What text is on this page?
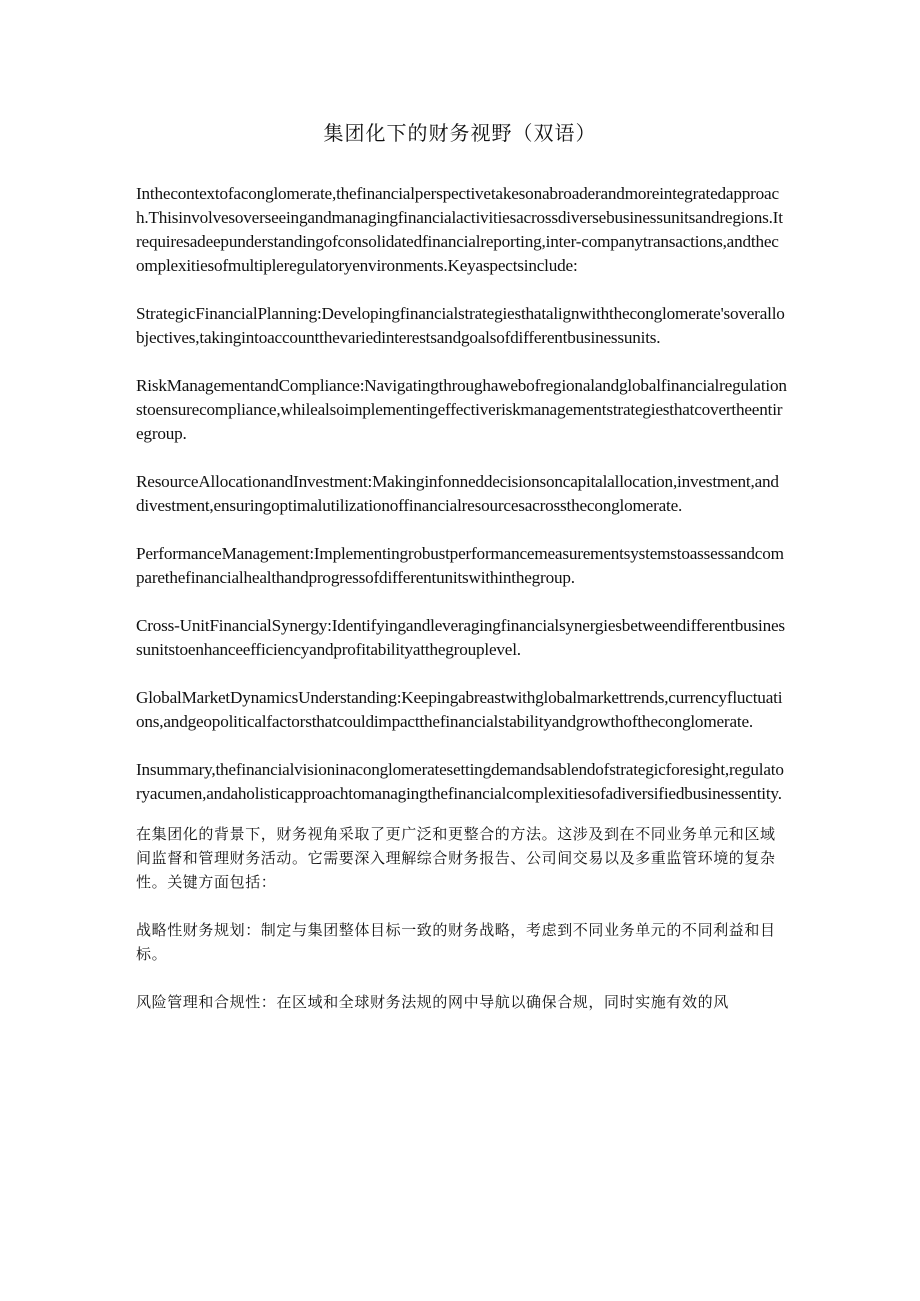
集团化下的财务视野（双语）

Inthecontextofaconglomerate,thefinancialperspectivetakesonabroaderandmoreintegratedapproach.Thisinvolvesoverseeingandmanagingfinancialactivitiesacrossdiversebusinessunitsandregions.Itrequiresadeepunderstandingofconsolidatedfinancialreporting,inter-companytransactions,andthecomplexitiesofmultipleregulatoryenvironments.Keyaspectsinclude:

StrategicFinancialPlanning:Developingfinancialstrategiesthatalignwiththeconglomerate'soverallobjectives,takingintoaccountthevariedinterestsandgoalsofdifferentbusinessunits.

RiskManagementandCompliance:Navigatingthroughawebofregionalandglobalfinancialregulationstoensurecompliance,whilealsoimplementingeffectiveriskmanagementstrategiesthatcovertheentiregroup.

ResourceAllocationandInvestment:Makinginfonneddecisionsoncapitalallocation,investment,anddivestment,ensuringoptimalutilizationoffinancialresourcesacrosstheconglomerate.

PerformanceManagement:Implementingrobustperformancemeasurementsystemstoassessandcomparethefinancialhealthandprogressofdifferentunitswithinthegroup.

Cross-UnitFinancialSynergy:Identifyingandleveragingfinancialsynergiesbetweendifferentbusinessunitstoenhanceefficiencyandprofitabilityatthegrouplevel.

GlobalMarketDynamicsUnderstanding:Keepingabreastwithglobalmarkettrends,currencyfluctuations,andgeopoliticalfactorsthatcouldimpactthefinancialstabilityandgrowthoftheconglomerate.

Insummary,thefinancialvisioninaconglomeratesettingdemandsablendofstrategicforesight,regulatoryacumen,andaholisticapproachtomanagingthefinancialcomplexitiesofadiversifiedbusinessentity.

在集团化的背景下，财务视角采取了更广泛和更整合的方法。这涉及到在不同业务单元和区域间监督和管理财务活动。它需要深入理解综合财务报告、公司间交易以及多重监管环境的复杂性。关键方面包括：

战略性财务规划：制定与集团整体目标一致的财务战略，考虑到不同业务单元的不同利益和目标。

风险管理和合规性：在区域和全球财务法规的网中导航以确保合规，同时实施有效的风
